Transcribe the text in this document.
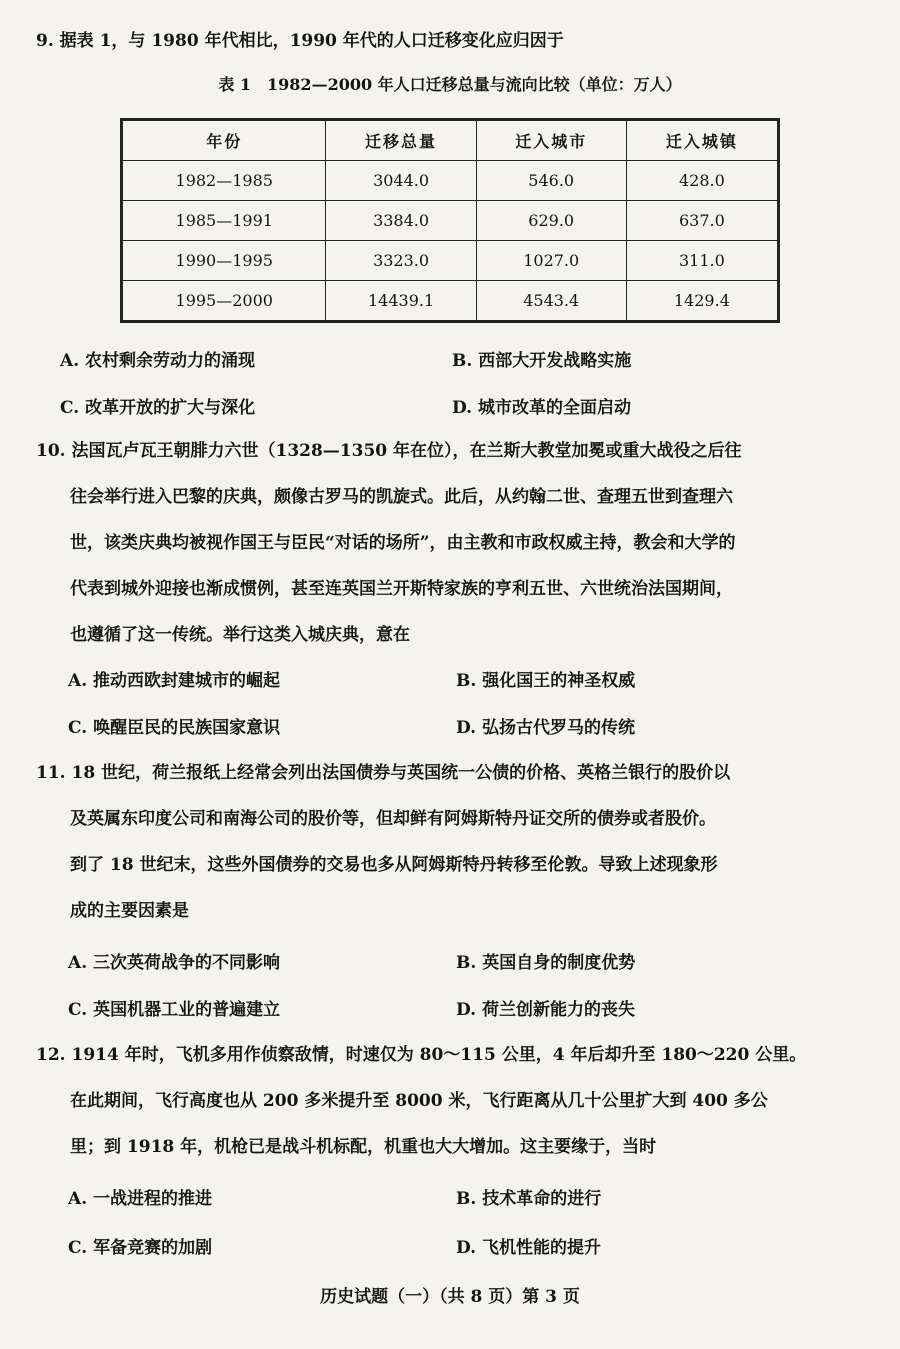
9. 据表 1，与 1980 年代相比，1990 年代的人口迁移变化应归因于
表 1　1982—2000 年人口迁移总量与流向比较（单位：万人）
年份	迁移总量	迁入城市	迁入城镇
1982—1985	3044.0	546.0	428.0
1985—1991	3384.0	629.0	637.0
1990—1995	3323.0	1027.0	311.0
1995—2000	14439.1	4543.4	1429.4
A. 农村剩余劳动力的涌现	B. 西部大开发战略实施
C. 改革开放的扩大与深化	D. 城市改革的全面启动
10. 法国瓦卢瓦王朝腓力六世（1328—1350 年在位），在兰斯大教堂加冕或重大战役之后往
往会举行进入巴黎的庆典，颇像古罗马的凯旋式。此后，从约翰二世、查理五世到查理六
世，该类庆典均被视作国王与臣民“对话的场所”，由主教和市政权威主持，教会和大学的
代表到城外迎接也渐成惯例，甚至连英国兰开斯特家族的亨利五世、六世统治法国期间，
也遵循了这一传统。举行这类入城庆典，意在
A. 推动西欧封建城市的崛起	B. 强化国王的神圣权威
C. 唤醒臣民的民族国家意识	D. 弘扬古代罗马的传统
11. 18 世纪，荷兰报纸上经常会列出法国债券与英国统一公债的价格、英格兰银行的股价以
及英属东印度公司和南海公司的股价等，但却鲜有阿姆斯特丹证交所的债券或者股价。
到了 18 世纪末，这些外国债券的交易也多从阿姆斯特丹转移至伦敦。导致上述现象形
成的主要因素是
A. 三次英荷战争的不同影响	B. 英国自身的制度优势
C. 英国机器工业的普遍建立	D. 荷兰创新能力的丧失
12. 1914 年时，飞机多用作侦察敌情，时速仅为 80～115 公里，4 年后却升至 180～220 公里。
在此期间，飞行高度也从 200 多米提升至 8000 米，飞行距离从几十公里扩大到 400 多公
里；到 1918 年，机枪已是战斗机标配，机重也大大增加。这主要缘于，当时
A. 一战进程的推进	B. 技术革命的进行
C. 军备竞赛的加剧	D. 飞机性能的提升
历史试题（一）（共 8 页）第 3 页
